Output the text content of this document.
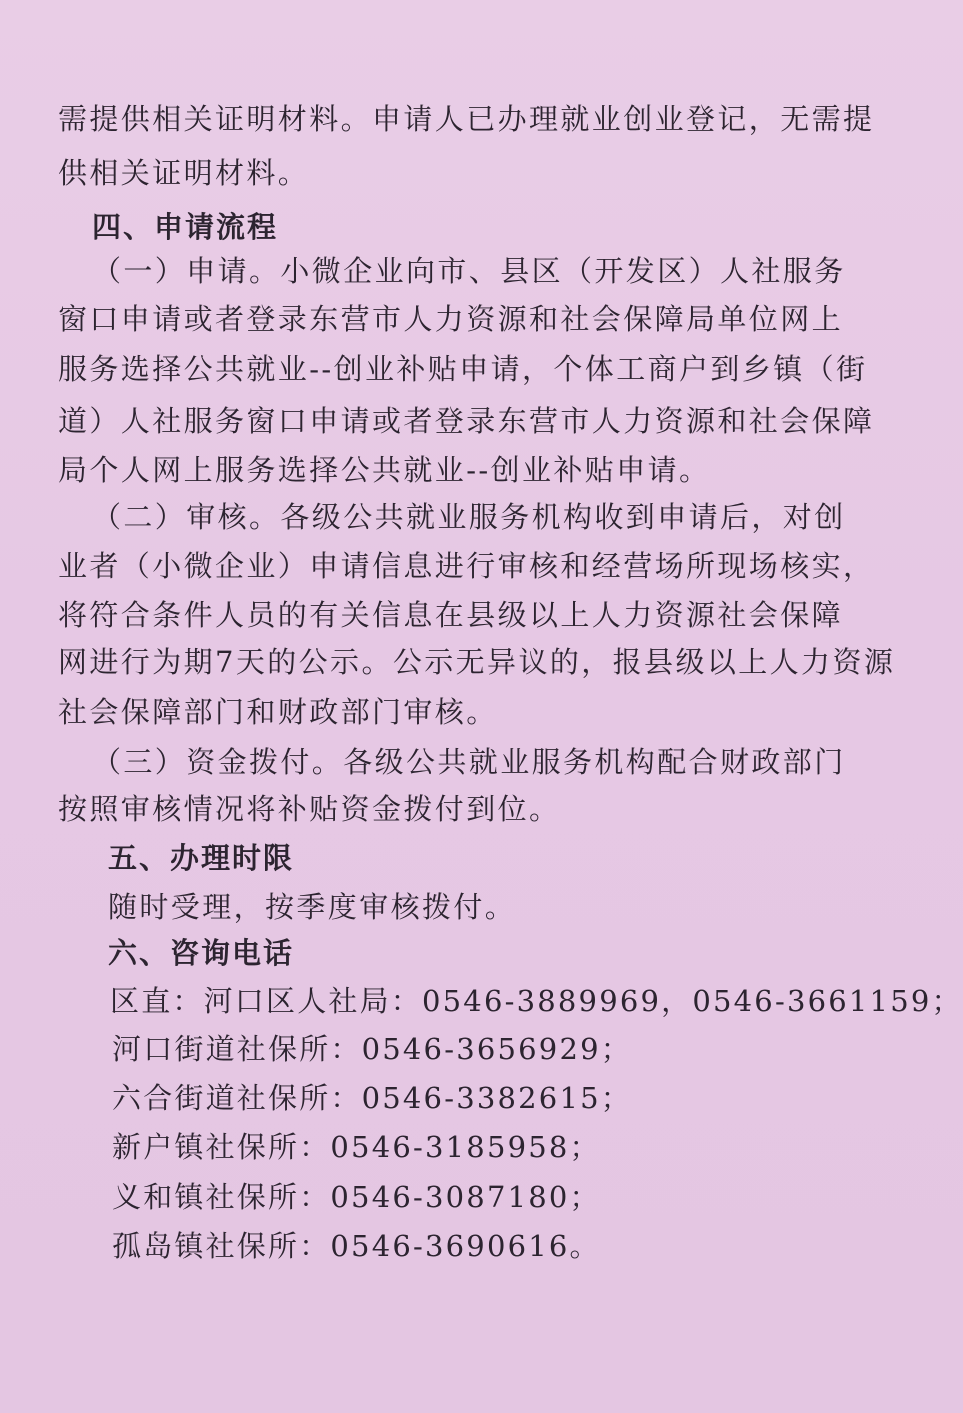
需提供相关证明材料。申请人已办理就业创业登记，无需提
供相关证明材料。
四、申请流程
（一）申请。小微企业向市、县区（开发区）人社服务
窗口申请或者登录东营市人力资源和社会保障局单位网上
服务选择公共就业--创业补贴申请，个体工商户到乡镇（街
道）人社服务窗口申请或者登录东营市人力资源和社会保障
局个人网上服务选择公共就业--创业补贴申请。
（二）审核。各级公共就业服务机构收到申请后，对创
业者（小微企业）申请信息进行审核和经营场所现场核实，
将符合条件人员的有关信息在县级以上人力资源社会保障
网进行为期7天的公示。公示无异议的，报县级以上人力资源
社会保障部门和财政部门审核。
（三）资金拨付。各级公共就业服务机构配合财政部门
按照审核情况将补贴资金拨付到位。
五、办理时限
随时受理，按季度审核拨付。
六、咨询电话
区直：河口区人社局：0546-3889969，0546-3661159；
河口街道社保所：0546-3656929；
六合街道社保所：0546-3382615；
新户镇社保所：0546-3185958；
义和镇社保所：0546-3087180；
孤岛镇社保所：0546-3690616。
